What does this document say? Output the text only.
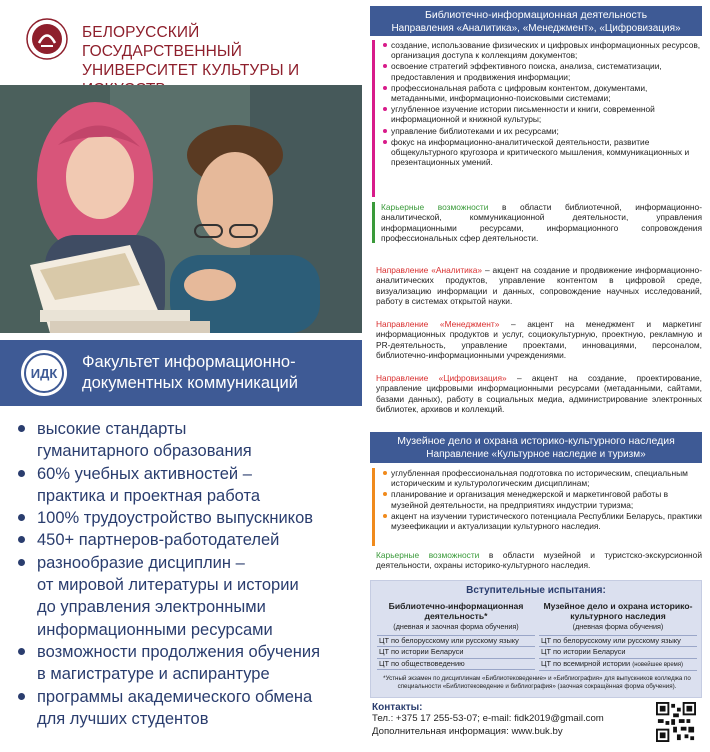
БЕЛОРУССКИЙ ГОСУДАРСТВЕННЫЙ
УНИВЕРСИТЕТ КУЛЬТУРЫ И
ИДК
Факультет информационно-
документных коммуникаций
высокие стандарты
гуманитарного образования
60% учебных активностей –
практика и проектная работа
100% трудоустройство выпускников
450+ партнеров-работодателей
разнообразие дисциплин –
от мировой литературы и истории
до управления электронными
информационными ресурсами
возможности продолжения обучения
в магистратуре и аспирантуре
программы академического обмена
для лучших студентов
Библиотечно-информационная деятельность
Направления «Аналитика», «Менеджмент», «Цифровизация»
создание, использование физических и цифровых информационных ресурсов, организация доступа к коллекциям документов;
освоение стратегий эффективного поиска, анализа, систематизации, предоставления и продвижения информации;
профессиональная работа с цифровым контентом, документами, метаданными, информационно-поисковыми системами;
углубленное изучение истории письменности и книги, современной информационной и книжной культуры;
управление библиотеками и их ресурсами;
фокус на информационно-аналитической деятельности, развитие общекультурного кругозора и критического мышления, коммуникационных и презентационных умений.

Карьерные возможности в области библиотечной, информационно-аналитической, коммуникационной деятельности, управления информационными ресурсами, информационного сопровождения профессиональных сфер деятельности.

Направление «Аналитика» – акцент на создание и продвижение информационно-аналитических продуктов, управление контентом в цифровой среде, визуализацию информации и данных, сопровождение научных исследований, работу в системах открытой науки.

Направление «Менеджмент» – акцент на менеджмент и маркетинг информационных продуктов и услуг, социокультурную, проектную, рекламную и PR-деятельность, управление проектами, инновациями, персоналом, библиотечно-информационными учреждениями.

Направление «Цифровизация» – акцент на создание, проектирование, управление цифровыми информационными ресурсами (метаданными, сайтами, базами данных), работу в социальных медиа, администрирование электронных библиотек, архивов и коллекций.

Музейное дело и охрана историко-культурного наследия
Направление «Культурное наследие и туризм»
углубленная профессиональная подготовка по историческим, специальным историческим и культурологическим дисциплинам;
планирование и организация менеджерской и маркетинговой работы в музейной деятельности, на предприятиях индустрии туризма;
акцент на изучении туристического потенциала Республики Беларусь, практики музеефикации и актуализации культурного наследия.

Карьерные возможности в области музейной и туристско-экскурсионной деятельности, охраны историко-культурного наследия.

Вступительные испытания:
Библиотечно-информационная деятельность*
(дневная и заочная форма обучения)
ЦТ по белорусскому или русскому языку
ЦТ по истории Беларуси
ЦТ по обществоведению
Музейное дело и охрана историко-культурного наследия
(дневная форма обучения)
ЦТ по белорусскому или русскому языку
ЦТ по истории Беларуси
ЦТ по всемирной истории (новейшее время)
*Устный экзамен по дисциплинам «Библиотековедение» и «Библиография» для выпускников колледжа по специальности «Библиотековедение и библиография» (заочная сокращённая форма обучения).
Контакты:
Тел.: +375 17 255-53-07; e-mail: fidk2019@gmail.com
Дополнительная информация: www.buk.by
